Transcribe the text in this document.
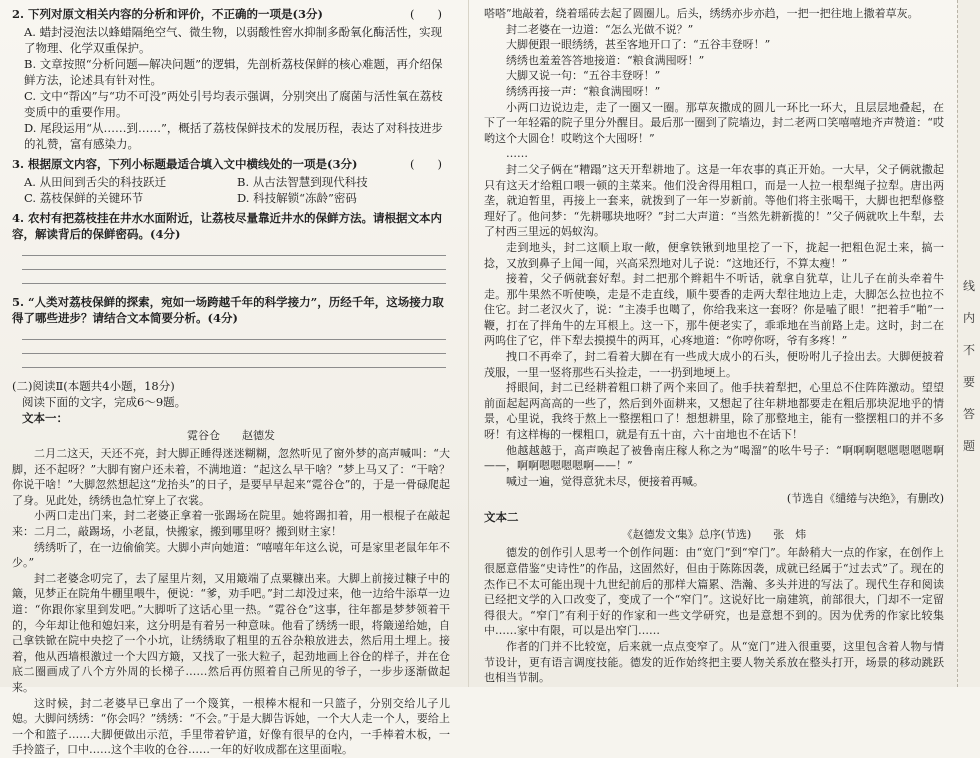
(　　)
2. 下列对原文相关内容的分析和评价，不正确的一项是(3分)

A. 蜡封浸泡法以蜂蜡隔绝空气、微生物，以弱酸性窖水抑制多酚氧化酶活性，实现了物理、化学双重保护。

B. 文章按照“分析问题—解决问题”的逻辑，先剖析荔枝保鲜的核心难题，再介绍保鲜方法，论述具有针对性。

C. 文中“帮凶”与“功不可没”两处引号均表示强调，分别突出了腐菌与活性氧在荔枝变质中的重要作用。

D. 尾段运用“从……到……”，概括了荔枝保鲜技术的发展历程，表达了对科技进步的礼赞，富有感染力。

(　　)
3. 根据原文内容，下列小标题最适合填入文中横线处的一项是(3分)

A. 从田间到舌尖的科技跃迁	B. 从古法智慧到现代科技
C. 荔枝保鲜的关键环节	D. 科技解锁“冻龄”密码

4. 农村有把荔枝挂在井水水面附近，让荔枝尽量靠近井水的保鲜方法。请根据文本内容，解读背后的保鲜密码。(4分)

5. “人类对荔枝保鲜的探索，宛如一场跨越千年的科学接力”，历经千年，这场接力取得了哪些进步？请结合文本简要分析。(4分)

(二)阅读Ⅱ(本题共4小题，18分)

阅读下面的文字，完成6～9题。

文本一：

霓谷仓　　赵德发

二月二这天，天还不亮，封大脚正睡得迷迷糊糊，忽然听见了窗外梦的高声喊叫：“大脚，还不起呀？”大脚有窗户还未着，不满地道：“起这么早干啥？”梦上马又了：“干啥？你说干啥！”大脚忽然想起这“龙抬头”的日子，是要早早起来“霓谷仓”的，于是一骨碌爬起了身。见此处，绣绣也急忙穿上了衣裳。

小两口走出门来，封二老婆正拿着一张踢场在院里。她将踢扣着，用一根棍子在敲起来：二月二，敲踢场，小老鼠，快搬家，搬到哪里呀？搬到财主家！

绣绣听了，在一边偷偷笑。大脚小声向她道：“嘻嘻年年这么说，可是家里老鼠年年不少。”

封二老婆念叨完了，去了屋里片刻，又用簸端了点粟糠出来。大脚上前接过糠子中的簸，见梦正在院角牛棚里喂牛，便说：“爹，劝手吧。”封二却没过来，他一边给牛添草一边道：“你跟你家里到发吧。”大脚听了这话心里一热。“霓谷仓”这事，往年都是梦梦领着干的，今年却让他和媳妇来，这分明是有着另一种意味。他看了绣绣一眼，将簸递给她，自己拿铁锨在院中央挖了一个小坑，让绣绣取了粗里的五谷杂粮放进去，然后用土埋上。接着，他从西墙根激过一个大四方簸，又找了一张大粒子，起劲地画上谷仓的样子，并在仓底二圈画成了八个方外周的长梯子……然后再仿照着自己所见的爷子，一步步逐渐做起来。

这时候，封二老婆早已拿出了一个篾箕，一根棒木棍和一只篮子，分别交给儿子儿媳。大脚问绣绣：“你会吗？”绣绣：“不会。”于是大脚告诉她，一个大人走一个人，要给上一个和篮子……大脚便做出示范，手里带着铲道，好像有很早的仓内，一手棒着木板，一手拎篮子，口中……这个丰收的仓谷……一年的好收成都在这里面啦。

嗒嗒”地敲着，绕着瑶砖去起了圆圈儿。后头，绣绣亦步亦趋，一把一把往地上撒着草灰。

封二老婆在一边道：“怎么光做不说？”

大脚便跟一眼绣绣，甚至客地开口了：“五谷丰登呀！”

绣绣也羞羞答答地接道：“粮食满囤呀！”

大脚又说一句：“五谷丰登呀！”

绣绣再接一声：“粮食满囤呀！”

小两口边说边走，走了一圈又一圈。那草灰撒成的圆儿一环比一环大，且层层地叠起，在下了一年轻霜的院子里分外醒目。最后那一圈到了院墙边，封二老两口笑嘻嘻地齐声赞道：“哎哟这个大圆仓！哎哟这个大囤呀！”

……

封二父子俩在“糟蹋”这天开犁耕地了。这是一年农事的真正开始。一大早，父子俩就撒起只有这天才给粗口喂一顿的主菜来。他们没舍得用粗口，而是一人拉一根犁绳子拉犁。唐出两垄，就迫暂里，再接上一套来，就拨到了一年一岁新前。等他们将主张喝干，大脚也把犁修整理好了。他问梦：“先耕哪块地呀？”封二大声道：“当然先耕新揽的！”父子俩就吹上牛犁，去了村西三里远的妈蚁沟。

走到地头，封二这顺上取一敞，便拿铁锹到地里挖了一下，拢起一把粗色泥土来，搞一捻，又放到鼻子上闻一闻，兴高采烈地对儿子说：“这地还行，不算太瘦！”

接着，父子俩就套好犁。封二把那个辫耜牛不听话，就拿自犹草，让儿子在前头牵着牛走。那牛果然不听使唤，走是不走直线，顺牛要香的走两大犁往地边上走，大脚怎么拉也拉不住它。封二老汉火了，说：“主凑手也噶了，你给我来这一套呀？你是嗑了眼！”把着手“啪”一鞭，打在了拌角牛的左耳根上。这一下，那牛便老实了，乖乖地在当前路上走。这时，封二在两呜住了它，伴下犁去摸摸牛的两耳，心疼地道：“你哼你呀，爷有多疼！”

拽口不再牵了，封二看着大脚在有一些成大成小的石头，便吩咐儿子捡出去。大脚便披着茂服，一里一竖将那些石头捡走，一一扔到地埂上。

捋眼间，封二已经耕着粗口耕了两个来回了。他手扶着犁把，心里总不住阵阵激动。望望前面起起两高高的一些了，然后到外面耕来，又想起了往年耕地都要走在粗后那块泥地乎的情景，心里说，我终于熬上一整摆粗口了！想想耕里，除了那整地主，能有一整摆粗口的并不多呀！有这样梅的一棵粗口，就是有五十亩，六十亩地也不在话下！

他越越越于，高声唤起了被鲁南庄稼人称之为“喝溜”的吆牛号子：“啊啊啊嗯嗯嗯嗯嗯啊——，啊啊嗯嗯嗯嗯啊——！”

喊过一遍，觉得意犹未尽，便接着再喊。

(节选自《缱绻与决绝》，有删改)

文本二

《赵德发文集》总序(节选)　　张　炜

德发的创作引人思考一个创作问题：由“宽门”到“窄门”。年龄稍大一点的作家，在创作上很愿意借鉴“史诗性”的作品，这固然好，但由于陈陈因袭，成就已经属于“过去式”了。现在的杰作已不太可能出现十九世纪前后的那样大篇累、浩瀚、多头并进的写法了。现代生存和阅读已经把文学的入口改变了，变成了一个“窄门”。这说好比一扇建筑，前部很大，门却不一定留得很大。“窄门”有利于好的作家和一些文学研究，也是意想不到的。因为优秀的作家比较集中……家中有限，可以是出窄门……

作者的门并不比较宽，后来就一点点变窄了。从“宽门”进入很重要，这里包含着人物与情节设计，更有语言调度技能。德发的近作始终把主要人物关系放在整头打开，场景的移动跳跃也相当节制。

线
内
不
要
答
题
